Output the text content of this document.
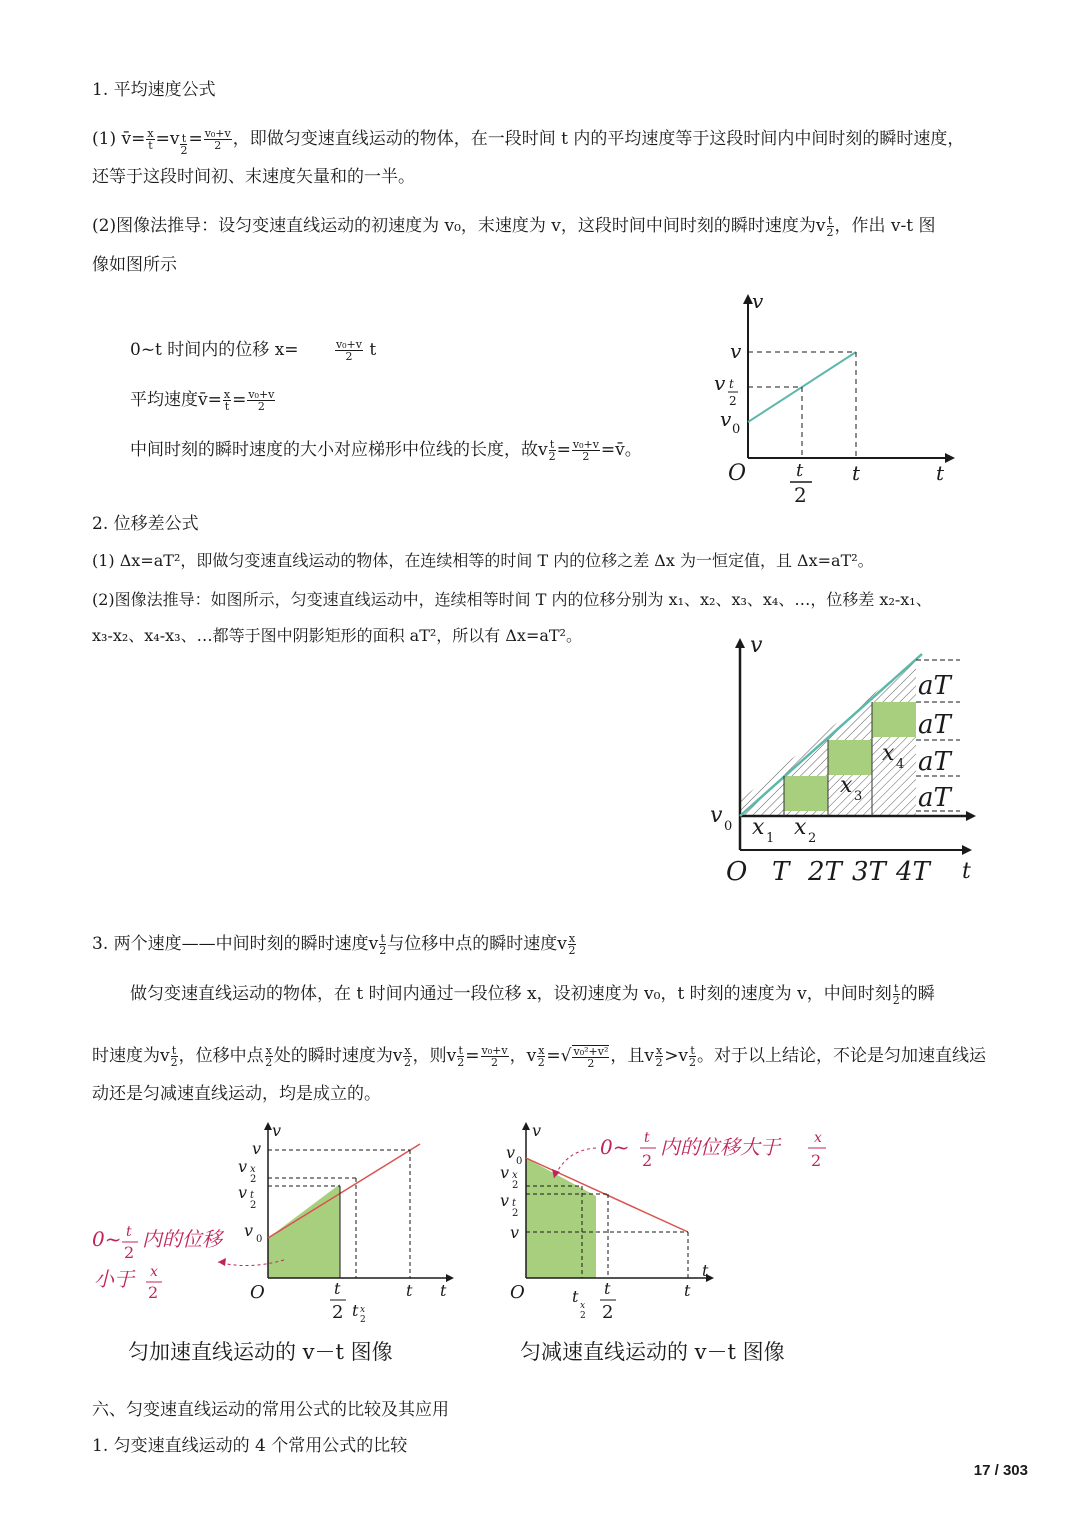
1. 平均速度公式
(1) v̄= $\frac{x}{t} =v \frac{t}{2} = \frac{\text{v₀+v}}{2}$ ，即做匀变速直线运动的物体，在一段时间 t 内的平均速度等于这段时间内中间时刻的瞬时速度，
还等于这段时间初、末速度矢量和的一半。
(2)图像法推导：设匀变速直线运动的初速度为 v₀，末速度为 v，这段时间中间时刻的瞬时速度为v $\frac{t}{2}$ ，作出 v-t 图
像如图所示
0~t 时间内的位移 x=	$\frac{\text{v₀+v}}{2}$ t
平均速度v̄= $\frac{x}{t} = \frac{\text{v₀+v}}{2}$
中间时刻的瞬时速度的大小对应梯形中位线的长度，故v $\frac{t}{2} = \frac{\text{v₀+v}}{2}$ =v̄。
v
t
O
v
v t
2
v 0
t
2
t
2. 位移差公式
(1) Δx=aT²，即做匀变速直线运动的物体，在连续相等的时间 T 内的位移之差 Δx 为一恒定值，且 Δx=aT²。
(2)图像法推导：如图所示，匀变速直线运动中，连续相等时间 T 内的位移分别为 x₁、x₂、x₃、x₄、…，位移差 x₂-x₁、
x₃-x₂、x₄-x₃、…都等于图中阴影矩形的面积 aT²，所以有 Δx=aT²。	v
t
O
v 0
aT
aT
aT
aT
T 2T 3T 4T
x 1 x 2
x 3
x 4
3. 两个速度——中间时刻的瞬时速度v $\frac{t}{2}$ 与位移中点的瞬时速度v $\frac{x}{2}$
做匀变速直线运动的物体，在 t 时间内通过一段位移 x，设初速度为 v₀，t 时刻的速度为 v，中间时刻 $\frac{t}{2}$ 的瞬
时速度为v $\frac{t}{2}$ ，位移中点 $\frac{x}{2}$ 处的瞬时速度为v $\frac{x}{2}$ ，则v $\frac{t}{2} = \frac{\text{v₀+v}}{2}$ ，v $\frac{x}{2}$ =√ $\frac{\text{v₀²+v²}}{2}$ ，且v $\frac{x}{2} >v \frac{t}{2}$ 。对于以上结论，不论是匀加速直线运
动还是匀减速直线运动，均是成立的。
v
v
v x
2
v t
2
v 0
O	t
2 t x
2
t t
0~ t
2
内的位移
小于 x
2
匀加速直线运动的 v－t 图像
v
v 0
v x
2
v t
2
v
O	t x
2
t
2
t
t
0~ t
2
内的位移大于 x
2
匀减速直线运动的 v－t 图像
六、匀变速直线运动的常用公式的比较及其应用
1. 匀变速直线运动的 4 个常用公式的比较
17 / 303
